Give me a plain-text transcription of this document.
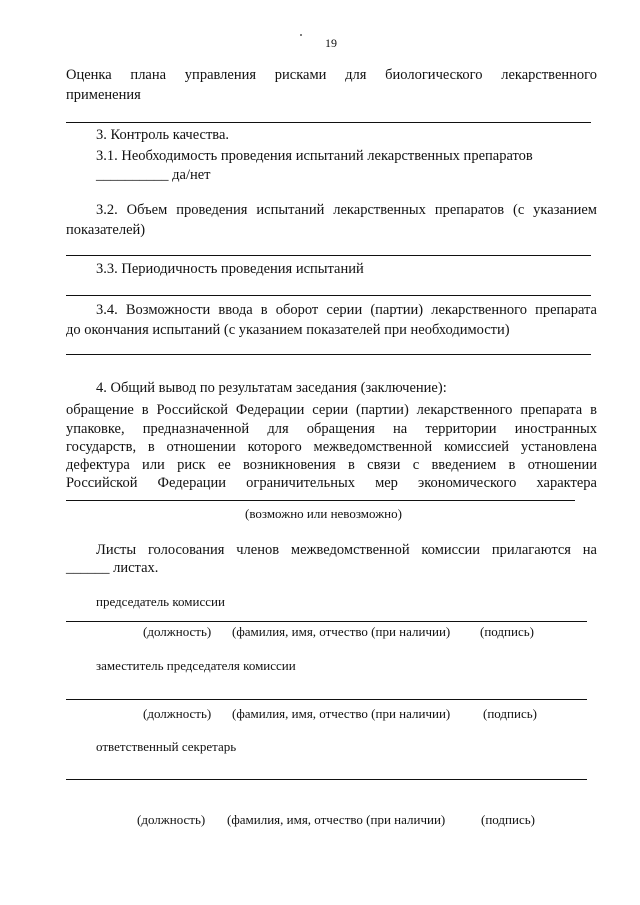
19
Оценка плана управления рисками для биологического лекарственного
применения
3. Контроль качества.
3.1. Необходимость проведения испытаний лекарственных препаратов
__________ да/нет
3.2. Объем проведения испытаний лекарственных препаратов (с указанием
показателей)
3.3. Периодичность проведения испытаний
3.4. Возможности ввода в оборот серии (партии) лекарственного препарата
до окончания испытаний (с указанием показателей при необходимости)
4. Общий вывод по результатам заседания (заключение):
обращение в Российской Федерации серии (партии) лекарственного препарата в
упаковке, предназначенной для обращения на территории иностранных
государств, в отношении которого межведомственной комиссией установлена
дефектура или риск ее возникновения в связи с введением в отношении
Российской Федерации ограничительных мер экономического характера
(возможно или невозможно)
Листы голосования членов межведомственной комиссии прилагаются на
______ листах.
председатель комиссии
(должность) (фамилия, имя, отчество (при наличии) (подпись)
заместитель председателя комиссии
(должность) (фамилия, имя, отчество (при наличии)	(подпись)
ответственный секретарь
(должность) (фамилия, имя, отчество (при наличии)	(подпись)
